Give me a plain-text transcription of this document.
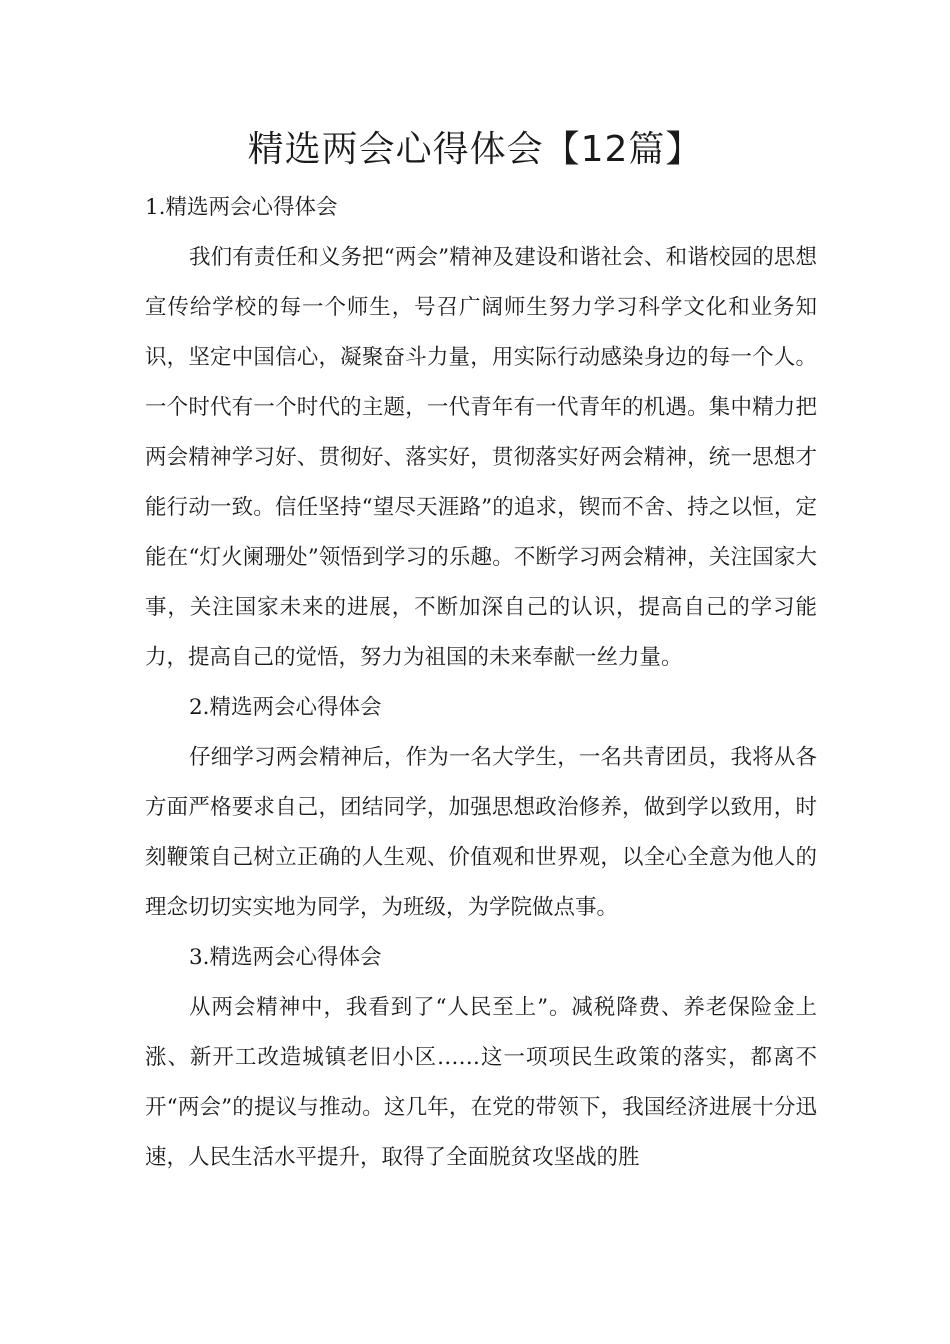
精选两会心得体会【12篇】

1.精选两会心得体会

我们有责任和义务把“两会”精神及建设和谐社会、和谐校园的思想宣传给学校的每一个师生，号召广阔师生努力学习科学文化和业务知识，坚定中国信心，凝聚奋斗力量，用实际行动感染身边的每一个人。一个时代有一个时代的主题，一代青年有一代青年的机遇。集中精力把两会精神学习好、贯彻好、落实好，贯彻落实好两会精神，统一思想才能行动一致。信任坚持“望尽天涯路”的追求，锲而不舍、持之以恒，定能在“灯火阑珊处”领悟到学习的乐趣。不断学习两会精神，关注国家大事，关注国家未来的进展，不断加深自己的认识，提高自己的学习能力，提高自己的觉悟，努力为祖国的未来奉献一丝力量。

2.精选两会心得体会

仔细学习两会精神后，作为一名大学生，一名共青团员，我将从各方面严格要求自己，团结同学，加强思想政治修养，做到学以致用，时刻鞭策自己树立正确的人生观、价值观和世界观，以全心全意为他人的理念切切实实地为同学，为班级，为学院做点事。

3.精选两会心得体会

从两会精神中，我看到了“人民至上”。减税降费、养老保险金上涨、新开工改造城镇老旧小区……这一项项民生政策的落实，都离不开“两会”的提议与推动。这几年，在党的带领下，我国经济进展十分迅速，人民生活水平提升，取得了全面脱贫攻坚战的胜
